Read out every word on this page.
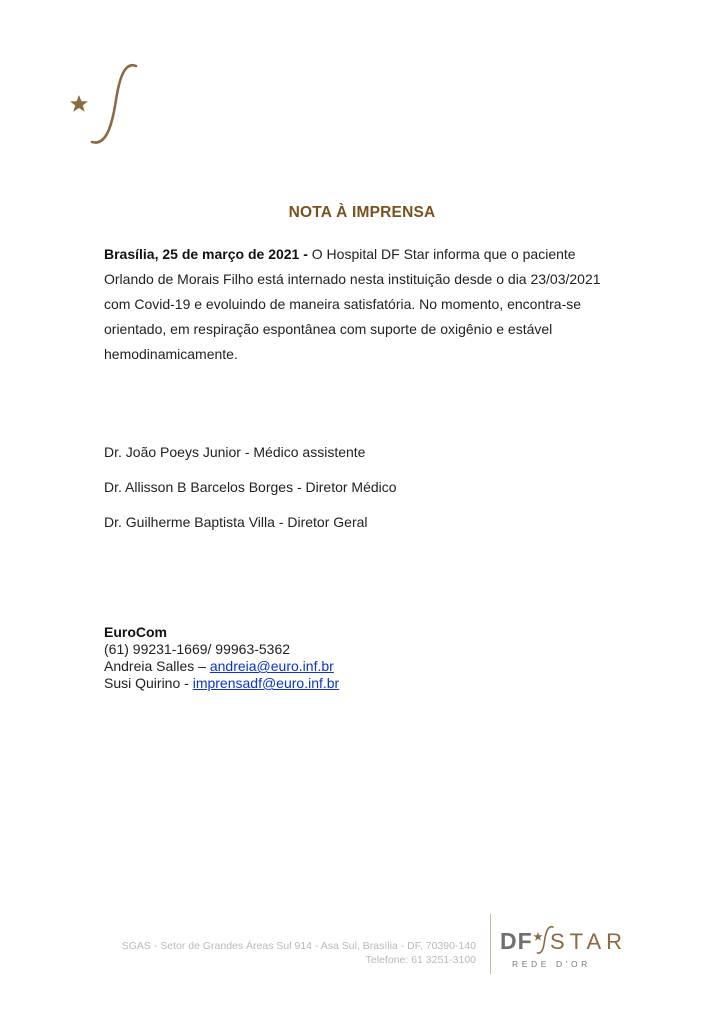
NOTA À IMPRENSA
Brasília, 25 de março de 2021 - O Hospital DF Star informa que o paciente Orlando de Morais Filho está internado nesta instituição desde o dia 23/03/2021 com Covid-19 e evoluindo de maneira satisfatória. No momento, encontra-se orientado, em respiração espontânea com suporte de oxigênio e estável hemodinamicamente.
Dr. João Poeys Junior - Médico assistente
Dr. Allisson B Barcelos Borges - Diretor Médico
Dr. Guilherme Baptista Villa - Diretor Geral
EuroCom
(61) 99231-1669/ 99963-5362
Andreia Salles – andreia@euro.inf.br
Susi Quirino - imprensadf@euro.inf.br
SGAS - Setor de Grandes Áreas Sul 914 - Asa Sul, Brasília - DF, 70390-140
Telefone: 61 3251-3100
DF STAR
REDE D'OR
